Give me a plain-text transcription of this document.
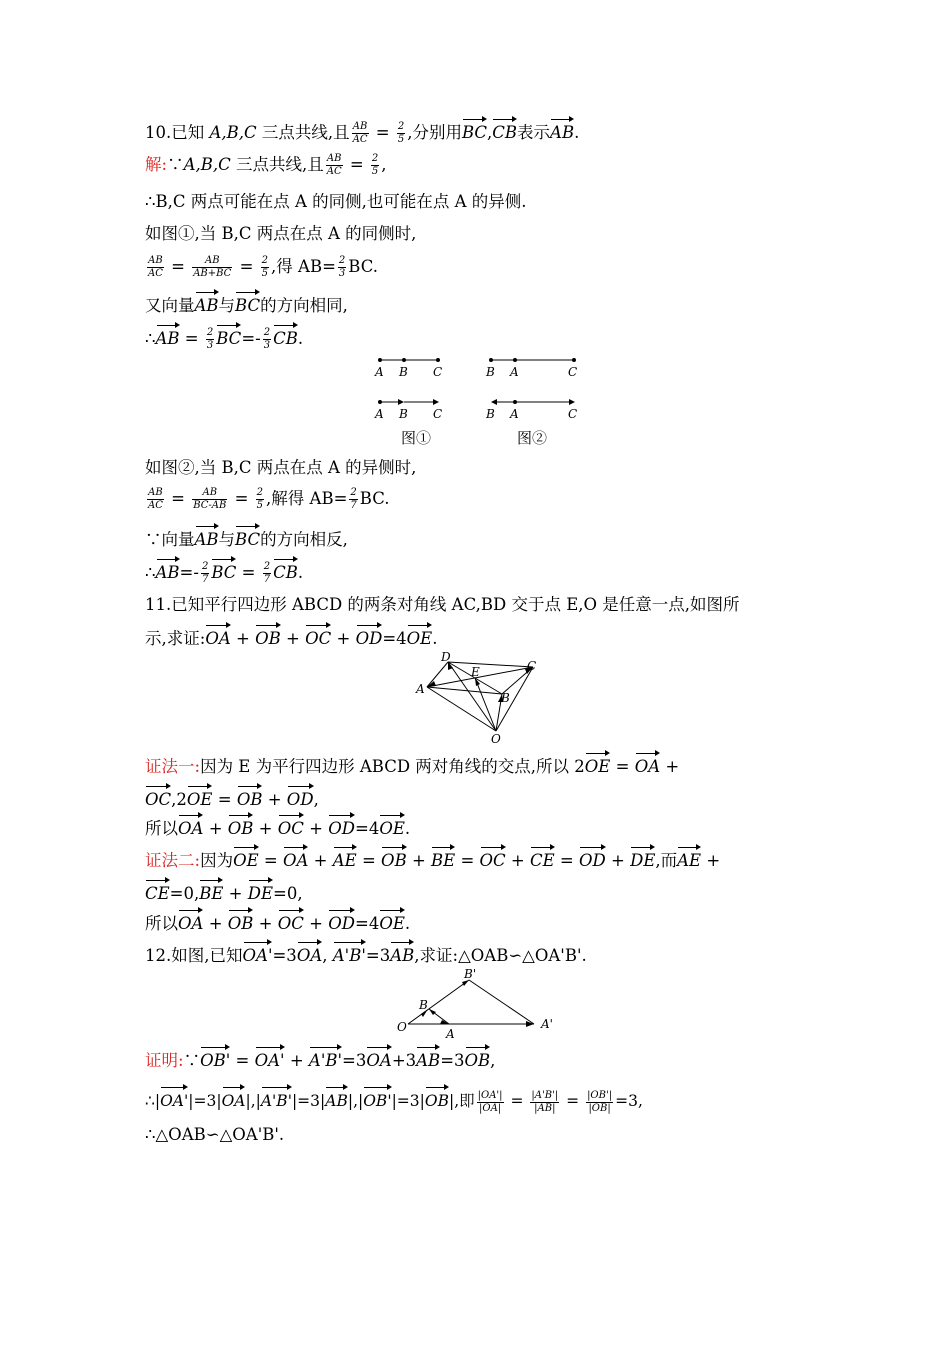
10.已知 A,B,C 三点共线,且 $\frac{AB}{AC} = \frac{2}{5}$ ,分别用BC,CB表示AB.
解:∵A,B,C 三点共线,且 $\frac{AB}{AC} = \frac{2}{5}$ ,
∴B,C 两点可能在点 A 的同侧,也可能在点 A 的异侧.
如图①,当 B,C 两点在点 A 的同侧时,
$\frac{AB}{AC} = \frac{AB}{AB+BC} = \frac{2}{5}$ ,得 $AB= \frac{2}{3}$ BC.
又向量AB与BC的方向相同,
∴AB = $\frac{2}{3} BC=- \frac{2}{3}$ CB.
A B C
A B C
图①
B A	C
B A	C
图②
如图②,当 B,C 两点在点 A 的异侧时,
$\frac{AB}{AC} = \frac{AB}{BC-AB} = \frac{2}{5}$ ,解得 $AB= \frac{2}{7}$ BC.
∵向量AB与BC的方向相反,
∴AB=- $\frac{2}{7}$ BC = $\frac{2}{7}$ CB.
11.已知平行四边形 ABCD 的两条对角线 AC,BD 交于点 E,O 是任意一点,如图所
示,求证:OA + OB + OC + OD=4OE.
D
C
E
A
B
O
证法一:因为 E 为平行四边形 ABCD 两对角线的交点,所以 2OE = OA +
OC,2OE = OB + OD,
所以OA + OB + OC + OD=4OE.
证法二:因为OE = OA + AE = OB + BE = OC + CE = OD + DE,而AE +
CE=0,BE + DE=0,
所以OA + OB + OC + OD=4OE.
12.如图,已知OA'=3OA, A'B'=3AB,求证:△OAB∽△OA'B'.
B'
B
O	A
A'
证明:∵OB' = OA' + A'B'=3OA+3AB=3OB,
∴|OA'|=3|OA|,|A'B'|=3|AB|,|OB'|=3|OB|,即 $\frac{|OA'|}{|OA|} = \frac{|A'B'|}{|AB|} = \frac{|OB'|}{|OB|} =3$,
∴△OAB∽△OA'B'.
